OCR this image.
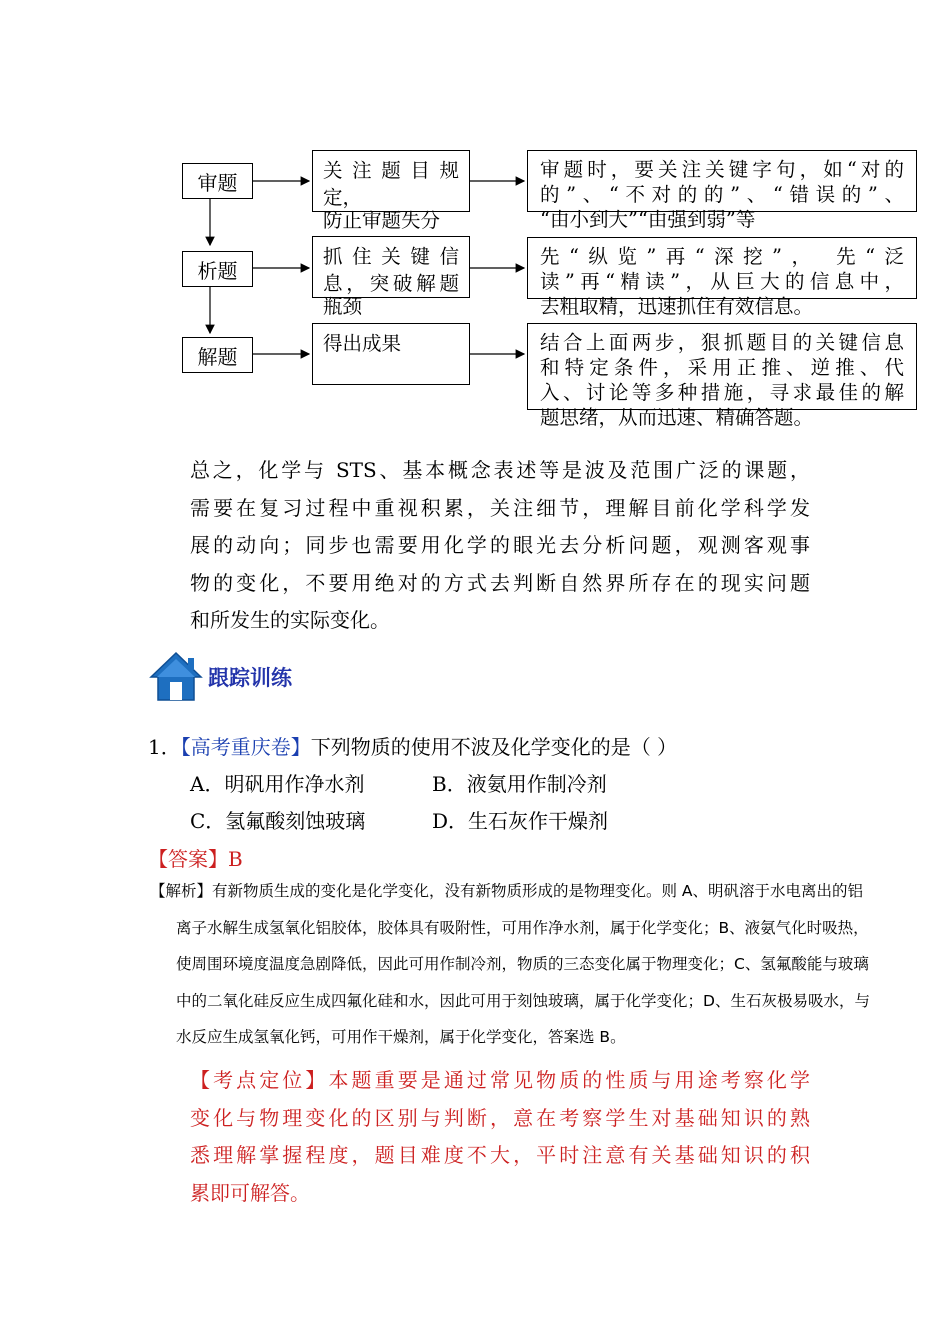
审题
析题
解题
关 注 题 目 规
定，
防止审题失分
抓 住 关 键 信
息，突破解题
瓶颈
得出成果
审题时，要关注关键字句，如“对的
的”、“不对的的”、“错误的”、
“由小到大”“由强到弱”等
先“纵览”再“深挖”， 先“泛
读”再“精读”，从巨大的信息中，
去粗取精，迅速抓住有效信息。
结合上面两步，狠抓题目的关键信息
和特定条件，采用正推、逆推、代
入、讨论等多种措施，寻求最佳的解
题思绪，从而迅速、精确答题。
总之，化学与 STS、基本概念表述等是波及范围广泛的课题，
需要在复习过程中重视积累，关注细节，理解目前化学科学发
展的动向；同步也需要用化学的眼光去分析问题，观测客观事
物的变化，不要用绝对的方式去判断自然界所存在的现实问题
和所发生的实际变化。
跟踪训练
1．【高考重庆卷】下列物质的使用不波及化学变化的是（ ）
A．明矾用作净水剂	B．液氨用作制冷剂
C．氢氟酸刻蚀玻璃	D．生石灰作干燥剂
【答案】B
【解析】有新物质生成的变化是化学变化，没有新物质形成的是物理变化。则 A、明矾溶于水电离出的铝
离子水解生成氢氧化铝胶体，胶体具有吸附性，可用作净水剂，属于化学变化；B、液氨气化时吸热，
使周围环境度温度急剧降低，因此可用作制冷剂，物质的三态变化属于物理变化；C、氢氟酸能与玻璃
中的二氧化硅反应生成四氟化硅和水，因此可用于刻蚀玻璃，属于化学变化；D、生石灰极易吸水，与
水反应生成氢氧化钙，可用作干燥剂，属于化学变化，答案选 B。
【考点定位】本题重要是通过常见物质的性质与用途考察化学
变化与物理变化的区别与判断，意在考察学生对基础知识的熟
悉理解掌握程度，题目难度不大，平时注意有关基础知识的积
累即可解答。
